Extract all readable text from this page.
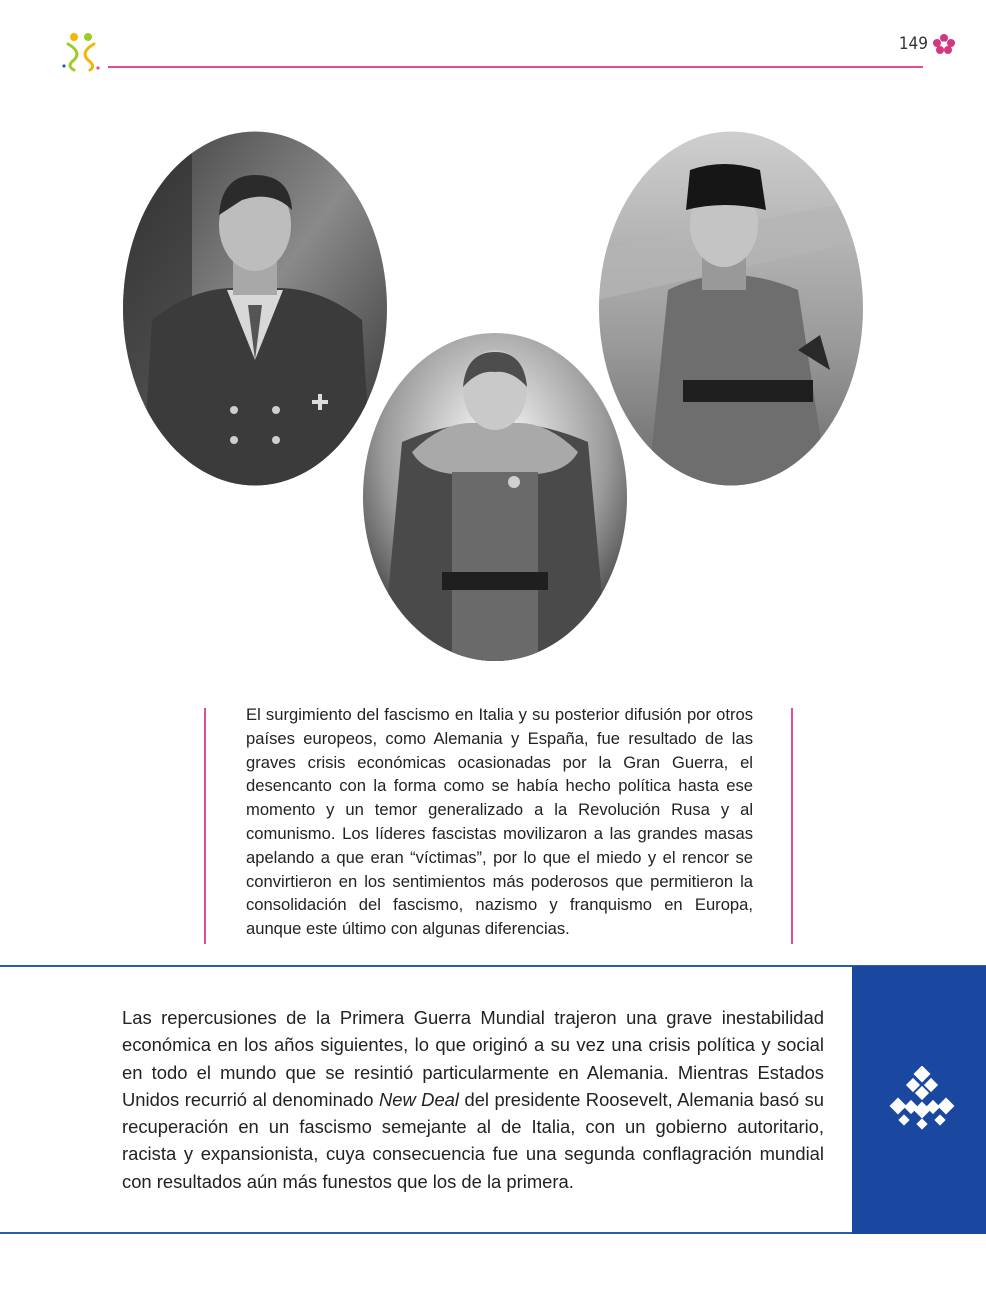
149
El surgimiento del fascismo en Italia y su posterior difusión por otros países europeos, como Alemania y España, fue resultado de las graves crisis económicas ocasionadas por la Gran Guerra, el desencanto con la forma como se había hecho política hasta ese momento y un temor generalizado a la Revolución Rusa y al comunismo. Los líderes fascistas movilizaron a las grandes masas apelando a que eran “víctimas”, por lo que el miedo y el rencor se convirtieron en los sentimientos más poderosos que permitieron la consolidación del fascismo, nazismo y franquismo en Europa, aunque este último con algunas diferencias.
Las repercusiones de la Primera Guerra Mundial trajeron una grave inestabilidad económica en los años siguientes, lo que originó a su vez una crisis política y social en todo el mundo que se resintió particularmente en Alemania. Mientras Estados Unidos recurrió al denominado New Deal del presidente Roosevelt, Alemania basó su recuperación en un fascismo semejante al de Italia, con un gobierno autoritario, racista y expansionista, cuya consecuencia fue una segunda conflagración mundial con resultados aún más funestos que los de la primera.
